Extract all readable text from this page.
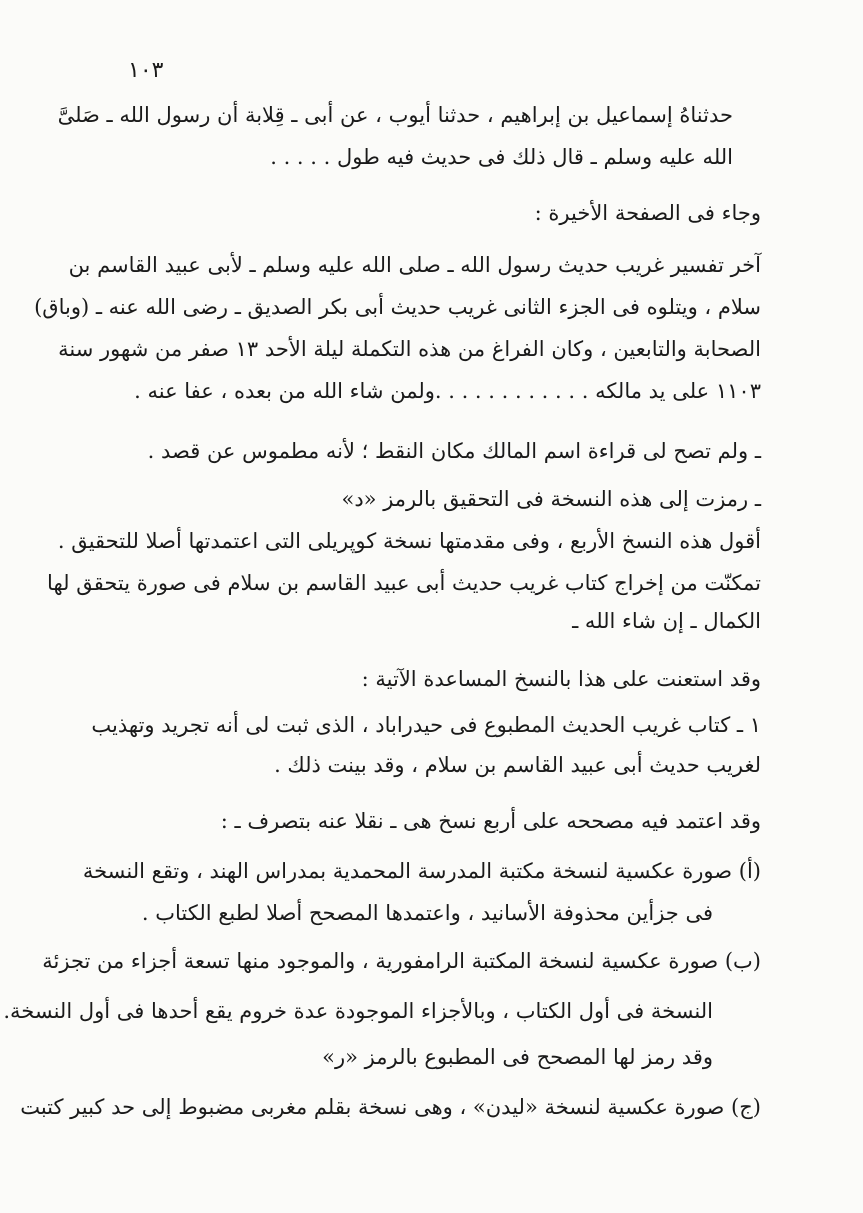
١٠٣
حدثناهُ إسماعيل بن إبراهيم ، حدثنا أيوب ، عن أبى ـ قِلابة أن رسول الله ـ صَلىَّ
الله عليه وسلم ـ قال ذلك فى حديث فيه طول . . . . .
وجاء فى الصفحة الأخيرة :
آخر تفسير غريب حديث رسول الله ـ صلى الله عليه وسلم ـ لأبى عبيد القاسم بن
سلام ، ويتلوه فى الجزء الثانى غريب حديث أبى بكر الصديق ـ رضى الله عنه ـ (وباق)
الصحابة والتابعين ، وكان الفراغ من هذه التكملة ليلة الأحد ١٣ صفر من شهور سنة
١١٠٣ على يد مالكه . . . . . . . . . . . .ولمن شاء الله من بعده ، عفا عنه .
ـ ولم تصح لى قراءة اسم المالك مكان النقط ؛ لأنه مطموس عن قصد .
ـ رمزت إلى هذه النسخة فى التحقيق بالرمز «د»
أقول هذه النسخ الأربع ، وفى مقدمتها نسخة كوپريلى التى اعتمدتها أصلا للتحقيق .
تمكنّت من إخراج كتاب غريب حديث أبى عبيد القاسم بن سلام فى صورة يتحقق لها
الكمال ـ إن شاء الله ـ
وقد استعنت على هذا بالنسخ المساعدة الآتية :
١ ـ كتاب غريب الحديث المطبوع فى حيدراباد ، الذى ثبت لى أنه تجريد وتهذيب
لغريب حديث أبى عبيد القاسم بن سلام ، وقد بينت ذلك .
وقد اعتمد فيه مصححه على أربع نسخ هى ـ نقلا عنه بتصرف ـ :
(أ) صورة عكسية لنسخة مكتبة المدرسة المحمدية بمدراس الهند ، وتقع النسخة
فى جزأين محذوفة الأسانيد ، واعتمدها المصحح أصلا لطبع الكتاب .
(ب) صورة عكسية لنسخة المكتبة الرامفورية ، والموجود منها تسعة أجزاء من تجزئة
النسخة فى أول الكتاب ، وبالأجزاء الموجودة عدة خروم يقع أحدها فى أول النسخة.
وقد رمز لها المصحح فى المطبوع بالرمز «ر»
(ج) صورة عكسية لنسخة «ليدن» ، وهى نسخة بقلم مغربى مضبوط إلى حد كبير كتبت
